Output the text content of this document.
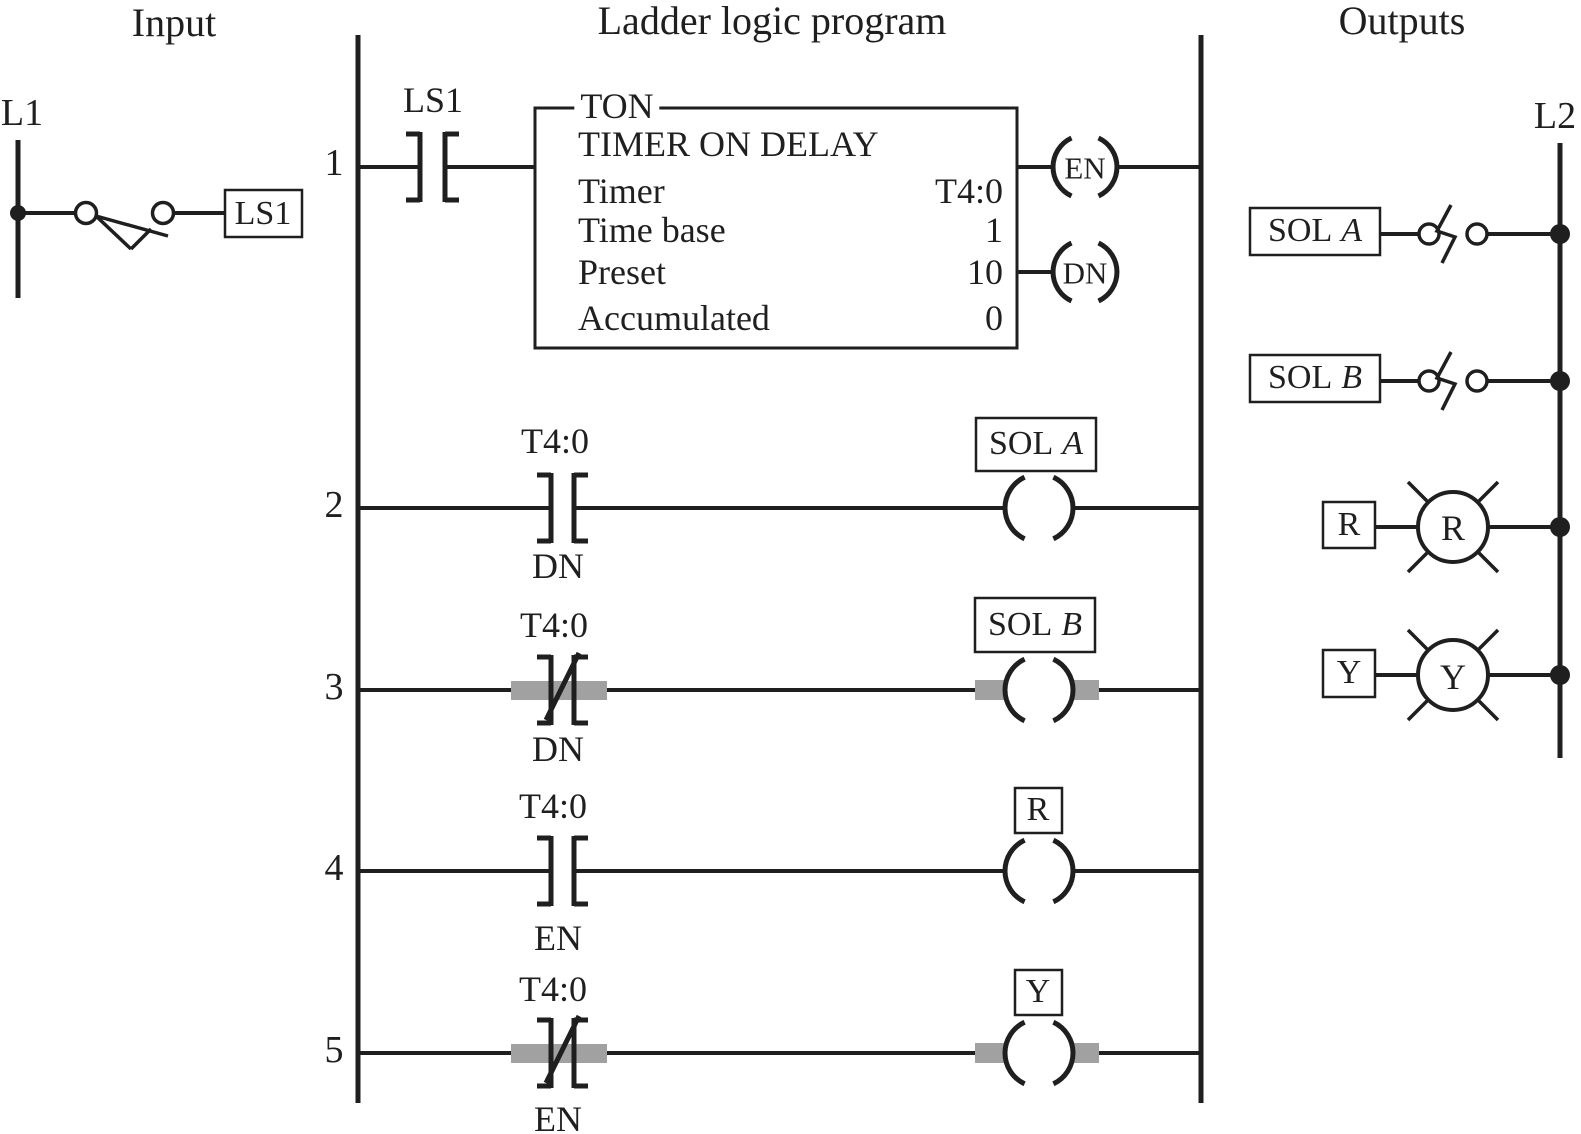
Input	Ladder logic program	Outputs
L1	L2
LS1
1
2
3
4
5
LS1	TON
TIMER ON DELAY
Timer	T4:0
Time base	1
Preset	10
Accumulated	0
EN
DN
T4:0
DN
SOL A
T4:0
DN
SOL B
T4:0
EN
R
T4:0
EN
Y
SOL A
SOL B
R R
Y Y
